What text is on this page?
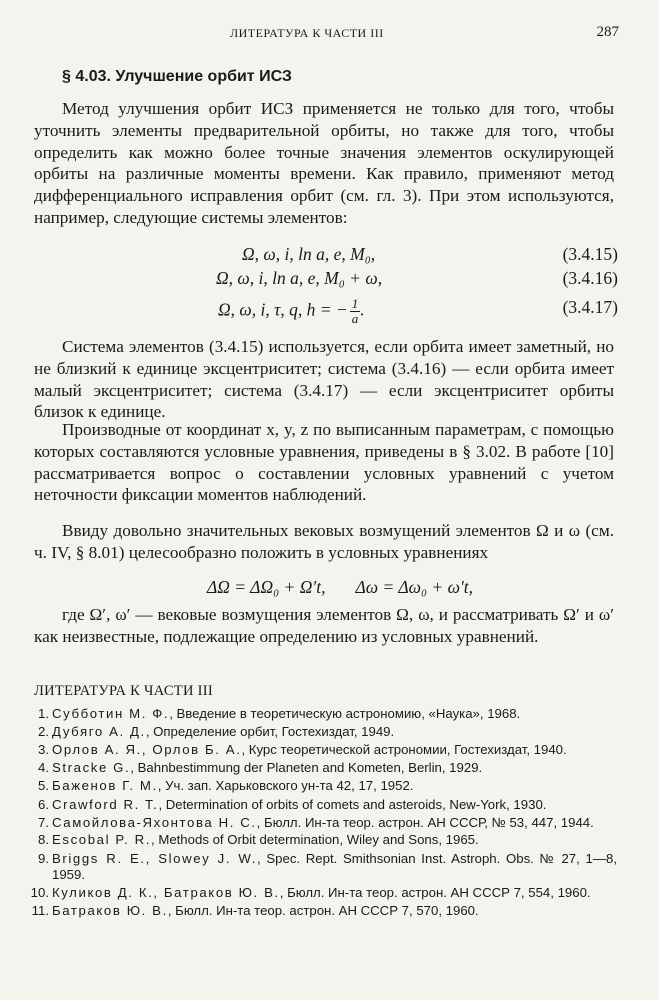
ЛИТЕРАТУРА К ЧАСТИ III	287
§ 4.03. Улучшение орбит ИСЗ

Метод улучшения орбит ИСЗ применяется не только для того, чтобы уточнить элементы предварительной орбиты, но также для того, чтобы определить как можно более точные значения элементов оскулирующей орбиты на различные моменты времени. Как правило, применяют метод дифференциального исправления орбит (см. гл. 3). При этом используются, например, следующие системы элементов:

Ω, ω, i, ln a, e, M₀,	(3.4.15)
Ω, ω, i, ln a, e, M₀ + ω,	(3.4.16)
Ω, ω, i, τ, q, h = − $\frac{1}{a}$ .	(3.4.17)

Система элементов (3.4.15) используется, если орбита имеет заметный, но не близкий к единице эксцентриситет; система (3.4.16) — если орбита имеет малый эксцентриситет; система (3.4.17) — если эксцентриситет орбиты близок к единице.

Производные от координат x, y, z по выписанным параметрам, с помощью которых составляются условные уравнения, приведены в § 3.02. В работе [10] рассматривается вопрос о составлении условных уравнений с учетом неточности фиксации моментов наблюдений.

Ввиду довольно значительных вековых возмущений элементов Ω и ω (см. ч. IV, § 8.01) целесообразно положить в условных уравнениях

ΔΩ = ΔΩ₀ + Ω′t, Δω = Δω₀ + ω′t,

где Ω′, ω′ — вековые возмущения элементов Ω, ω, и рассматривать Ω′ и ω′ как неизвестные, подлежащие определению из условных уравнений.

ЛИТЕРАТУРА К ЧАСТИ III
1. Субботин М. Ф., Введение в теоретическую астрономию, «Наука», 1968.
2. Дубяго А. Д., Определение орбит, Гостехиздат, 1949.
3. Орлов А. Я., Орлов Б. А., Курс теоретической астрономии, Гостехиздат, 1940.
4. Stracke G., Bahnbestimmung der Planeten and Kometen, Berlin, 1929.
5. Баженов Г. М., Уч. зап. Харьковского ун-та 42, 17, 1952.
6. Crawford R. T., Determination of orbits of comets and asteroids, New-York, 1930.
7. Самойлова-Яхонтова Н. С., Бюлл. Ин-та теор. астрон. АН СССР, № 53, 447, 1944.
8. Escobal P. R., Methods of Orbit determination, Wiley and Sons, 1965.
9. Briggs R. E., Slowey J. W., Spec. Rept. Smithsonian Inst. Astroph. Obs. № 27, 1—8, 1959.
10. Куликов Д. К., Батраков Ю. В., Бюлл. Ин-та теор. астрон. АН СССР 7, 554, 1960.
11. Батраков Ю. В., Бюлл. Ин-та теор. астрон. АН СССР 7, 570, 1960.
